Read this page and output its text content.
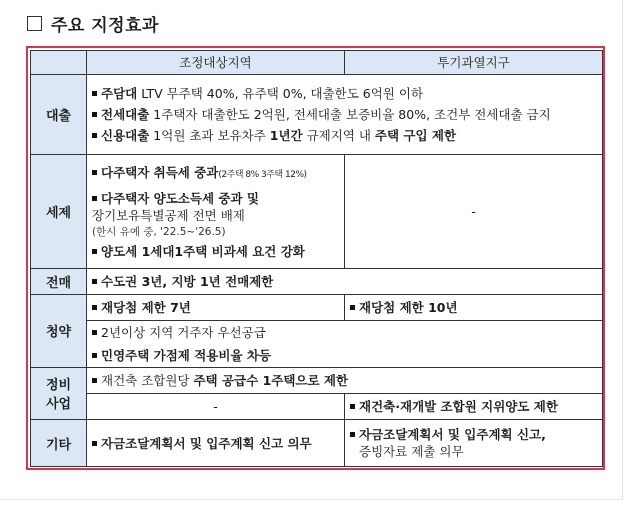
주요 지정효과
	조정대상지역	투기과열지구
대출	주담대 LTV 무주택 40%, 유주택 0%, 대출한도 6억원 이하
전세대출 1주택자 대출한도 2억원, 전세대출 보증비율 80%, 조건부 전세대출 금지
신용대출 1억원 초과 보유차주 1년간 규제지역 내 주택 구입 제한	

세제	다주택자 취득세 중과(2주택 8% 3주택 12%)
다주택자 양도소득세 중과 및
장기보유특별공제 전면 배제
(한시 유예 중, '22.5~'26.5)
양도세 1세대1주택 비과세 요건 강화	-
전매	수도권 3년, 지방 1년 전매제한	

청약	재당첨 제한 7년	재당첨 제한 10년

	2년이상 지역 거주자 우선공급	

	민영주택 가점제 적용비율 차등	

정비
사업	재건축 조합원당 주택 공급수 1주택으로 제한	

	-	재건축·재개발 조합원 지위양도 제한

기타	자금조달계획서 및 입주계획 신고 의무	자금조달계획서 및 입주계획 신고,
증빙자료 제출 의무
